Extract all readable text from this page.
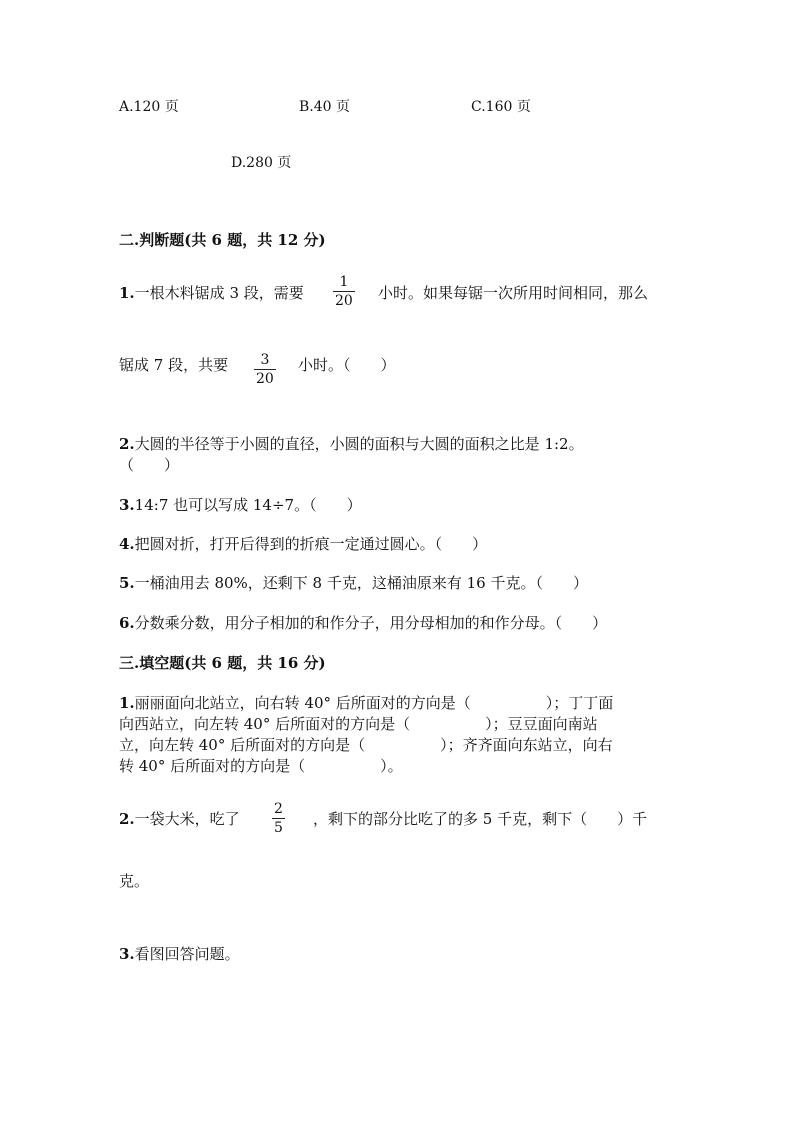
A.120 页	B.40 页	C.160 页
D.280 页
二.判断题(共 6 题，共 12 分)
1.一根木料锯成 3 段，需要
1
20 小时。如果每锯一次所用时间相同，那么
锯成 7 段，共要 3
20
小时。（　　）
2.大圆的半径等于小圆的直径，小圆的面积与大圆的面积之比是 1:2。
（　　）
3.14:7 也可以写成 14÷7。（　　）
4.把圆对折，打开后得到的折痕一定通过圆心。（　　）
5.一桶油用去 80%，还剩下 8 千克，这桶油原来有 16 千克。（　　）
6.分数乘分数，用分子相加的和作分子，用分母相加的和作分母。（　　）
三.填空题(共 6 题，共 16 分)
1.丽丽面向北站立，向右转 40° 后所面对的方向是（　　　　　）；丁丁面
向西站立，向左转 40° 后所面对的方向是（　　　　　）；豆豆面向南站
立，向左转 40° 后所面对的方向是（　　　　　）；齐齐面向东站立，向右
转 40° 后所面对的方向是（　　　　　）。
2.一袋大米，吃了
2
5 ，剩下的部分比吃了的多 5 千克，剩下（　　）千
克。
3.看图回答问题。
